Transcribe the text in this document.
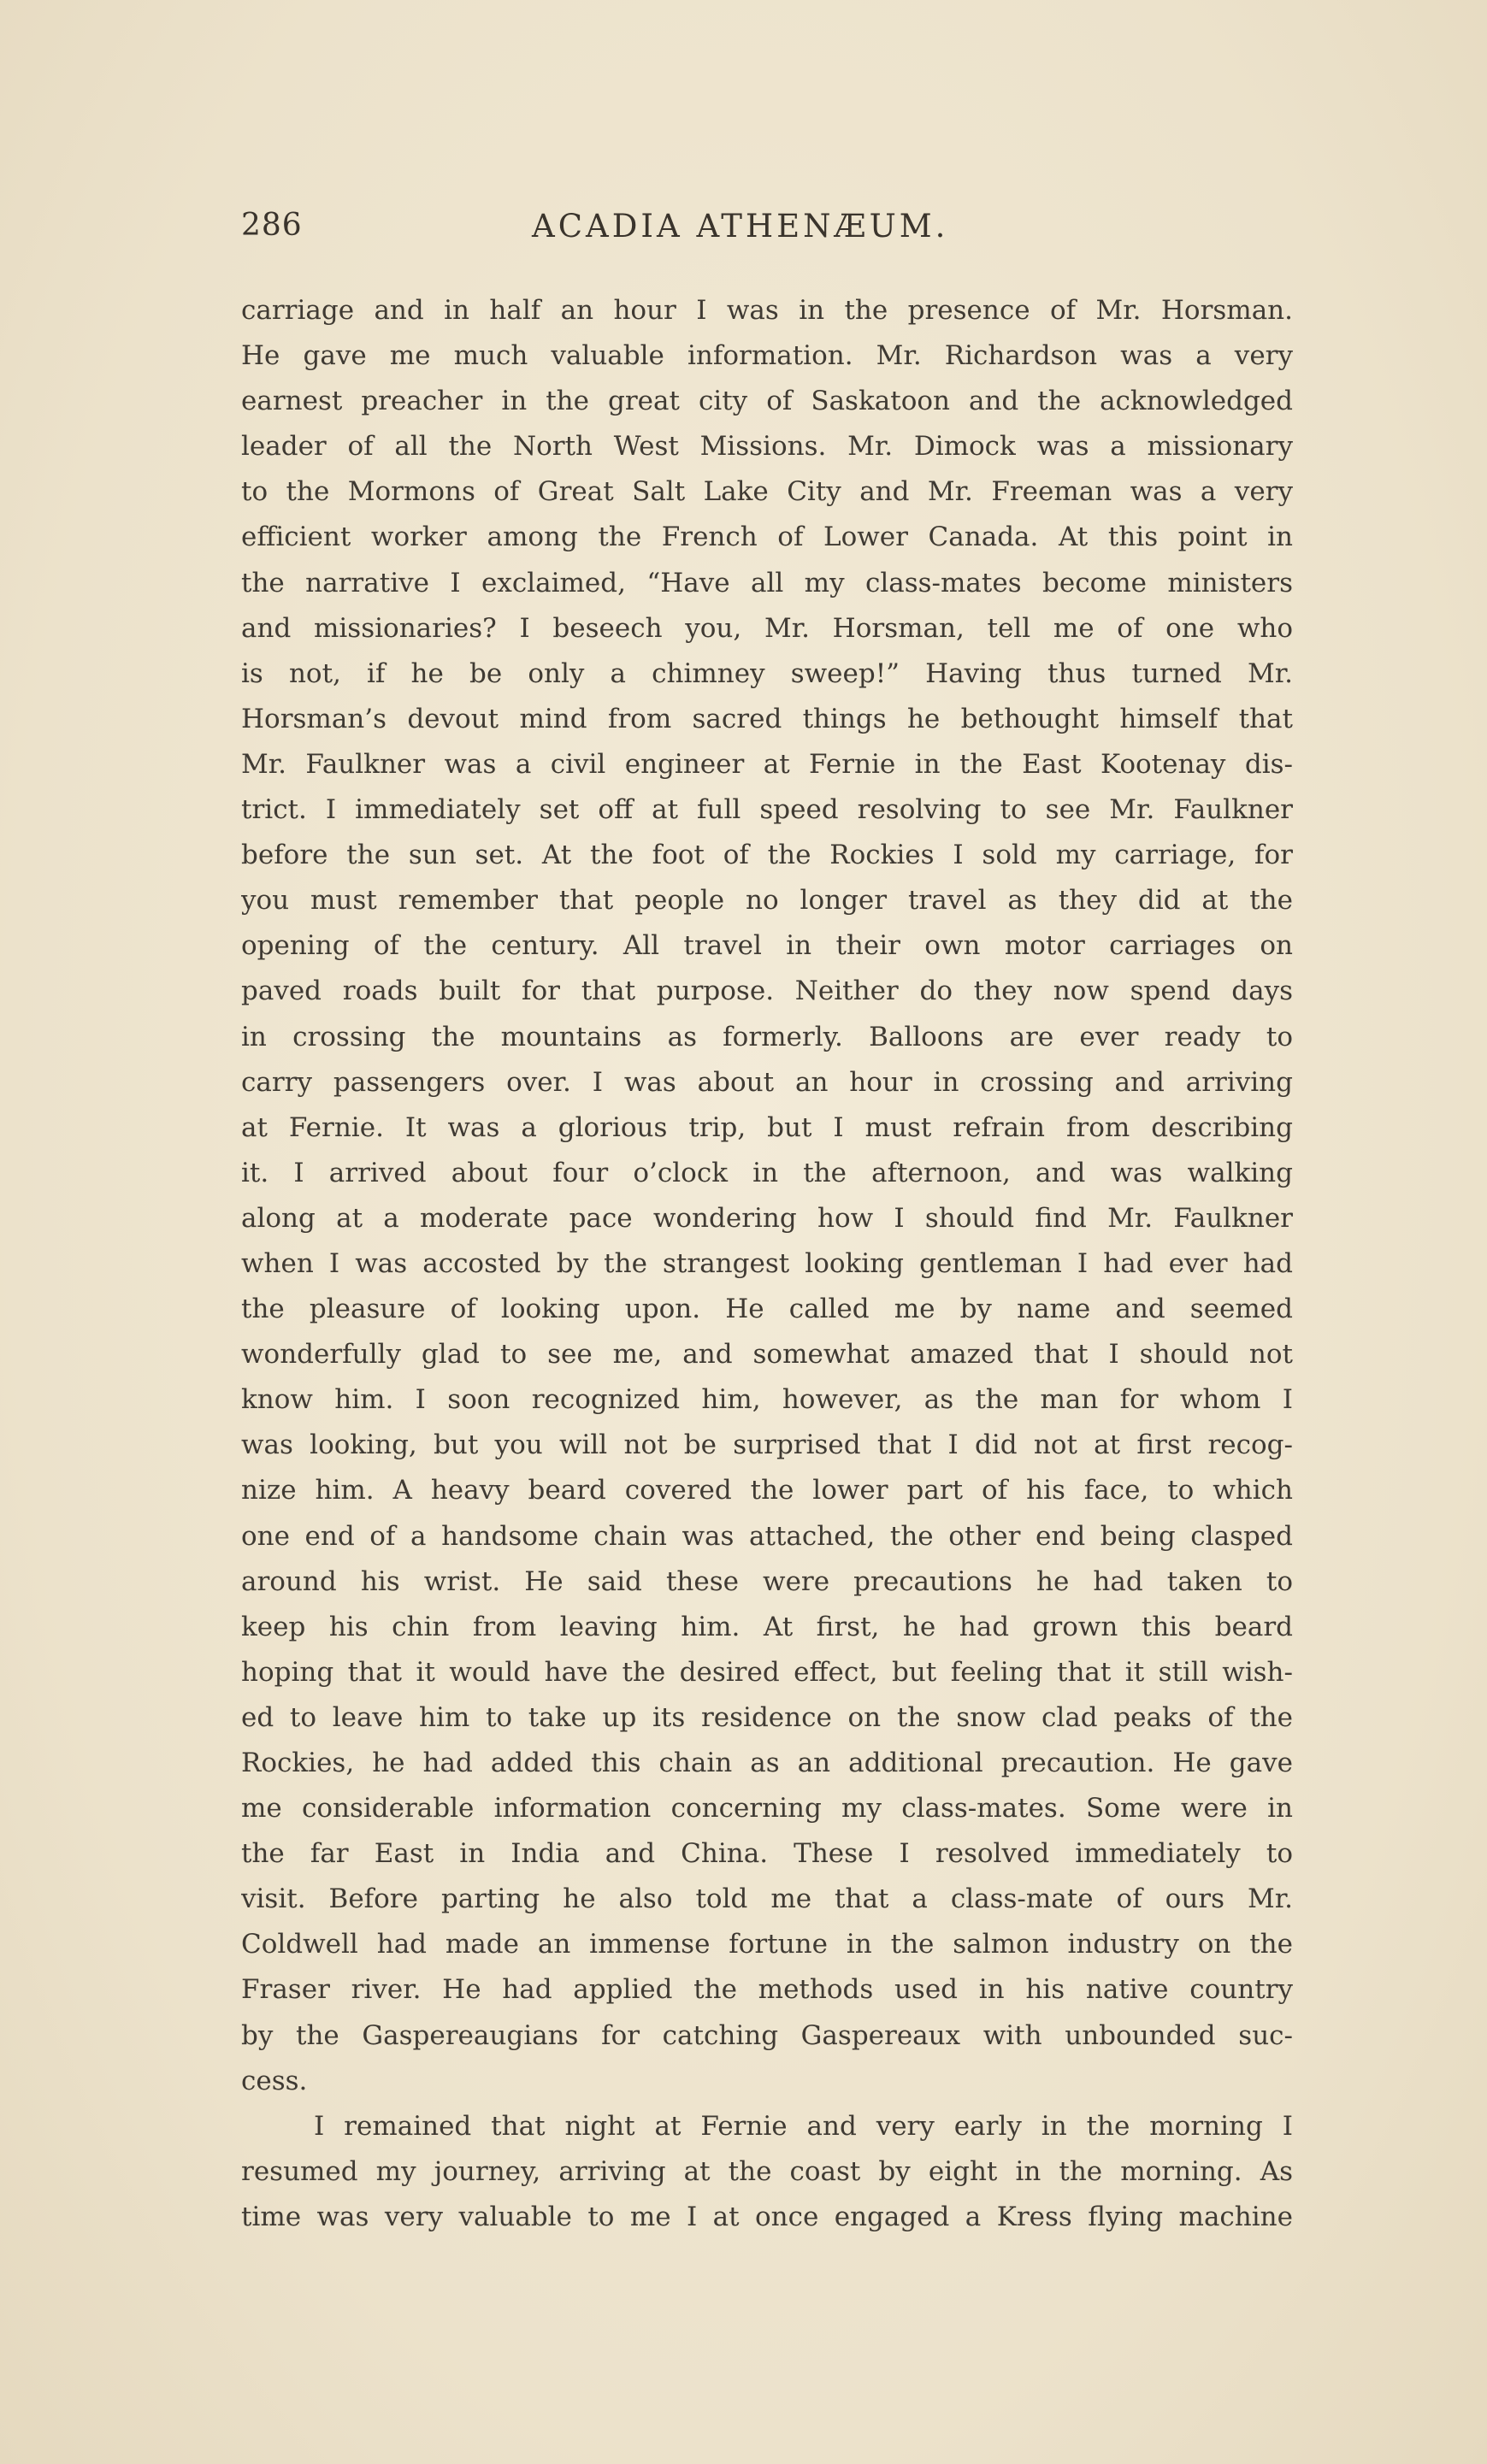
286	ACADIA ATHENÆUM.
carriage and in half an hour I was in the presence of Mr. Horsman.
He gave me much valuable information. Mr. Richardson was a very
earnest preacher in the great city of Saskatoon and the acknowledged
leader of all the North West Missions. Mr. Dimock was a missionary
to the Mormons of Great Salt Lake City and Mr. Freeman was a very
efficient worker among the French of Lower Canada. At this point in
the narrative I exclaimed, “Have all my class-mates become ministers
and missionaries? I beseech you, Mr. Horsman, tell me of one who
is not, if he be only a chimney sweep!” Having thus turned Mr.
Horsman’s devout mind from sacred things he bethought himself that
Mr. Faulkner was a civil engineer at Fernie in the East Kootenay dis-
trict. I immediately set off at full speed resolving to see Mr. Faulkner
before the sun set. At the foot of the Rockies I sold my carriage, for
you must remember that people no longer travel as they did at the
opening of the century. All travel in their own motor carriages on
paved roads built for that purpose. Neither do they now spend days
in crossing the mountains as formerly. Balloons are ever ready to
carry passengers over. I was about an hour in crossing and arriving
at Fernie. It was a glorious trip, but I must refrain from describing
it. I arrived about four o’clock in the afternoon, and was walking
along at a moderate pace wondering how I should find Mr. Faulkner
when I was accosted by the strangest looking gentleman I had ever had
the pleasure of looking upon. He called me by name and seemed
wonderfully glad to see me, and somewhat amazed that I should not
know him. I soon recognized him, however, as the man for whom I
was looking, but you will not be surprised that I did not at first recog-
nize him. A heavy beard covered the lower part of his face, to which
one end of a handsome chain was attached, the other end being clasped
around his wrist. He said these were precautions he had taken to
keep his chin from leaving him. At first, he had grown this beard
hoping that it would have the desired effect, but feeling that it still wish-
ed to leave him to take up its residence on the snow clad peaks of the
Rockies, he had added this chain as an additional precaution. He gave
me considerable information concerning my class-mates. Some were in
the far East in India and China. These I resolved immediately to
visit. Before parting he also told me that a class-mate of ours Mr.
Coldwell had made an immense fortune in the salmon industry on the
Fraser river. He had applied the methods used in his native country
by the Gaspereaugians for catching Gaspereaux with unbounded suc-
cess.
I remained that night at Fernie and very early in the morning I
resumed my journey, arriving at the coast by eight in the morning. As
time was very valuable to me I at once engaged a Kress flying machine
